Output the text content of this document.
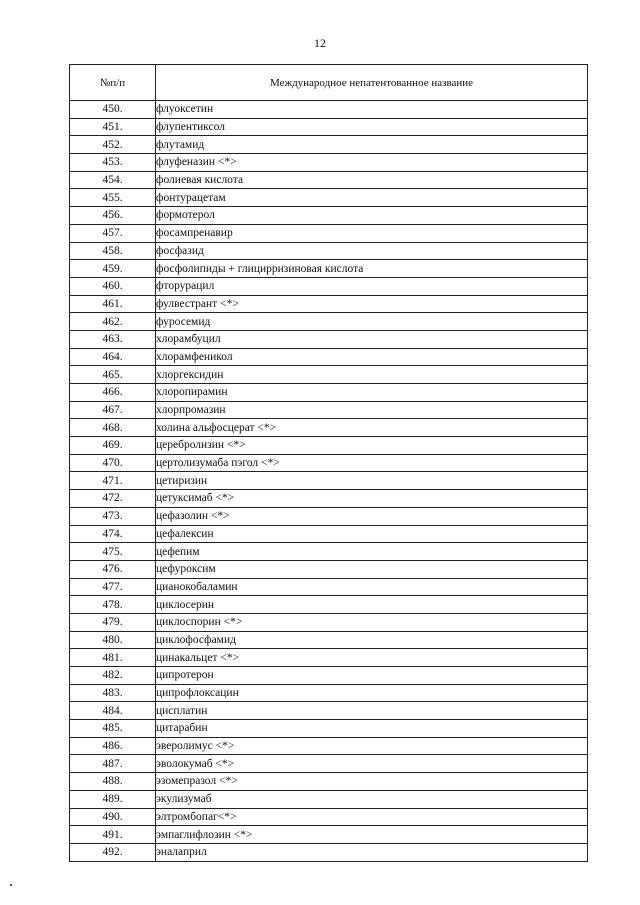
12
№п/п	Международное непатентованное название
450.	флуоксетин
451.	флупентиксол
452.	флутамид
453.	флуфеназин <*>
454.	фолиевая кислота
455.	фонтурацетам
456.	формотерол
457.	фосампренавир
458.	фосфазид
459.	фосфолипиды + глицирризиновая кислота
460.	фторурацил
461.	фулвестрант <*>
462.	фуросемид
463.	хлорамбуцил
464.	хлорамфеникол
465.	хлоргексидин
466.	хлоропирамин
467.	хлорпромазин
468.	холина альфосцерат <*>
469.	церебролизин <*>
470.	цертолизумаба пэгол <*>
471.	цетиризин
472.	цетуксимаб <*>
473.	цефазолин <*>
474.	цефалексин
475.	цефепим
476.	цефуроксим
477.	цианокобаламин
478.	циклосерин
479.	циклоспорин <*>
480.	циклофосфамид
481.	цинакальцет <*>
482.	ципротерон
483.	ципрофлоксацин
484.	цисплатин
485.	цитарабин
486.	эверолимус <*>
487.	эволокумаб <*>
488.	эзомепразол <*>
489.	экулизумаб
490.	элтромбопаг<*>
491.	эмпаглифлозин <*>
492.	эналаприл
